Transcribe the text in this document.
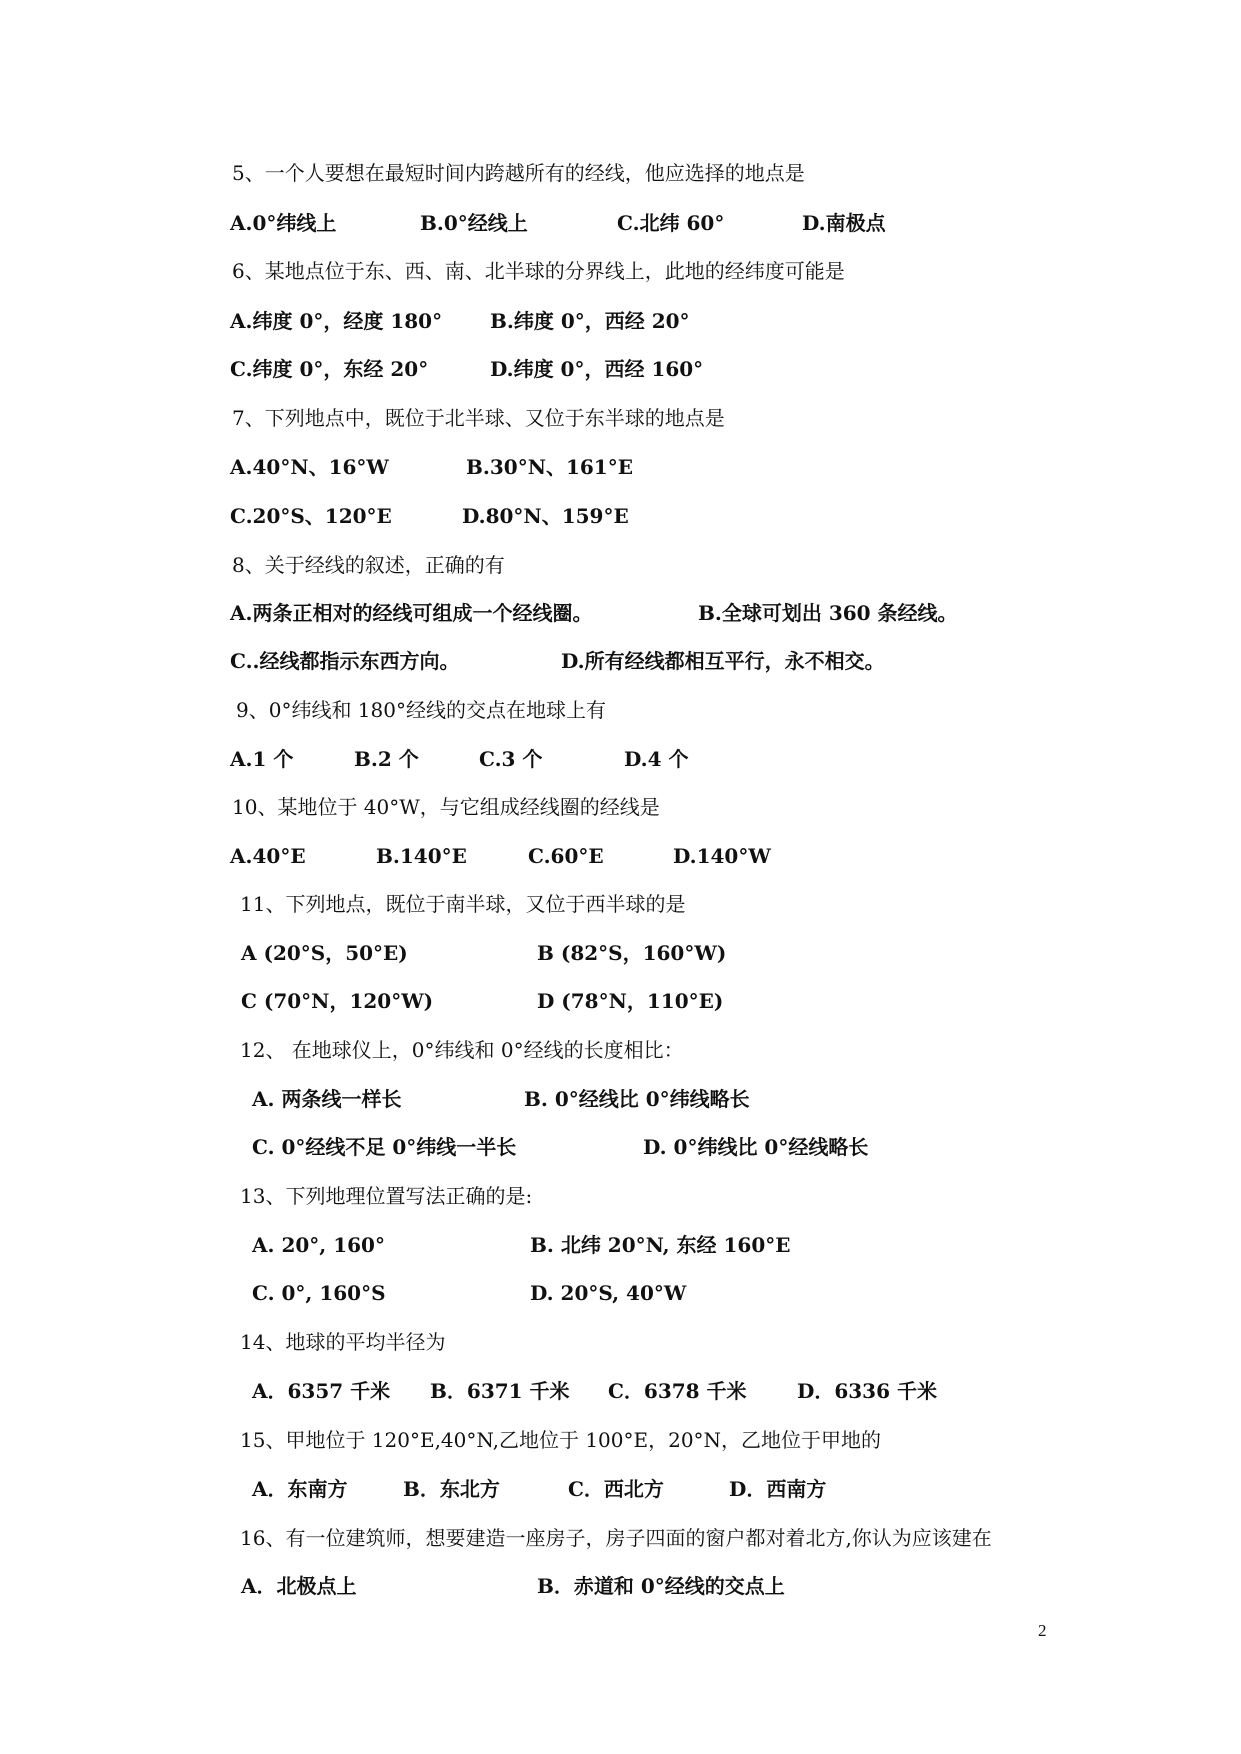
5、一个人要想在最短时间内跨越所有的经线，他应选择的地点是
A.0°纬线上	B.0°经线上	C.北纬 60°	D.南极点
6、某地点位于东、西、南、北半球的分界线上，此地的经纬度可能是
A.纬度 0°，经度 180° B.纬度 0°，西经 20°
C.纬度 0°，东经 20°	D.纬度 0°，西经 160°
7、下列地点中，既位于北半球、又位于东半球的地点是
A.40°N、16°W	B.30°N、161°E
C.20°S、120°E	D.80°N、159°E
8、关于经线的叙述，正确的有
A.两条正相对的经线可组成一个经线圈。	B.全球可划出 360 条经线。
C..经线都指示东西方向。	D.所有经线都相互平行，永不相交。
9、0°纬线和 180°经线的交点在地球上有
A.1 个	B.2 个	C.3 个	D.4 个
10、某地位于 40°W，与它组成经线圈的经线是
A.40°E	B.140°E	C.60°E	D.140°W
11、下列地点，既位于南半球，又位于西半球的是
A (20°S，50°E)	B (82°S，160°W)
C (70°N，120°W)	D (78°N，110°E)
12、 在地球仪上，0°纬线和 0°经线的长度相比：
A. 两条线一样长	B. 0°经线比 0°纬线略长
C. 0°经线不足 0°纬线一半长	D. 0°纬线比 0°经线略长
13、下列地理位置写法正确的是:
A. 20°, 160°	B. 北纬 20°N, 东经 160°E
C. 0°, 160°S	D. 20°S, 40°W
14、地球的平均半径为
A．6357 千米 B．6371 千米 C．6378 千米	D．6336 千米
15、甲地位于 120°E,40°N,乙地位于 100°E，20°N，乙地位于甲地的
A．东南方	B．东北方	C．西北方	D．西南方
16、有一位建筑师，想要建造一座房子，房子四面的窗户都对着北方,你认为应该建在
A．北极点上	B．赤道和 0°经线的交点上
2
